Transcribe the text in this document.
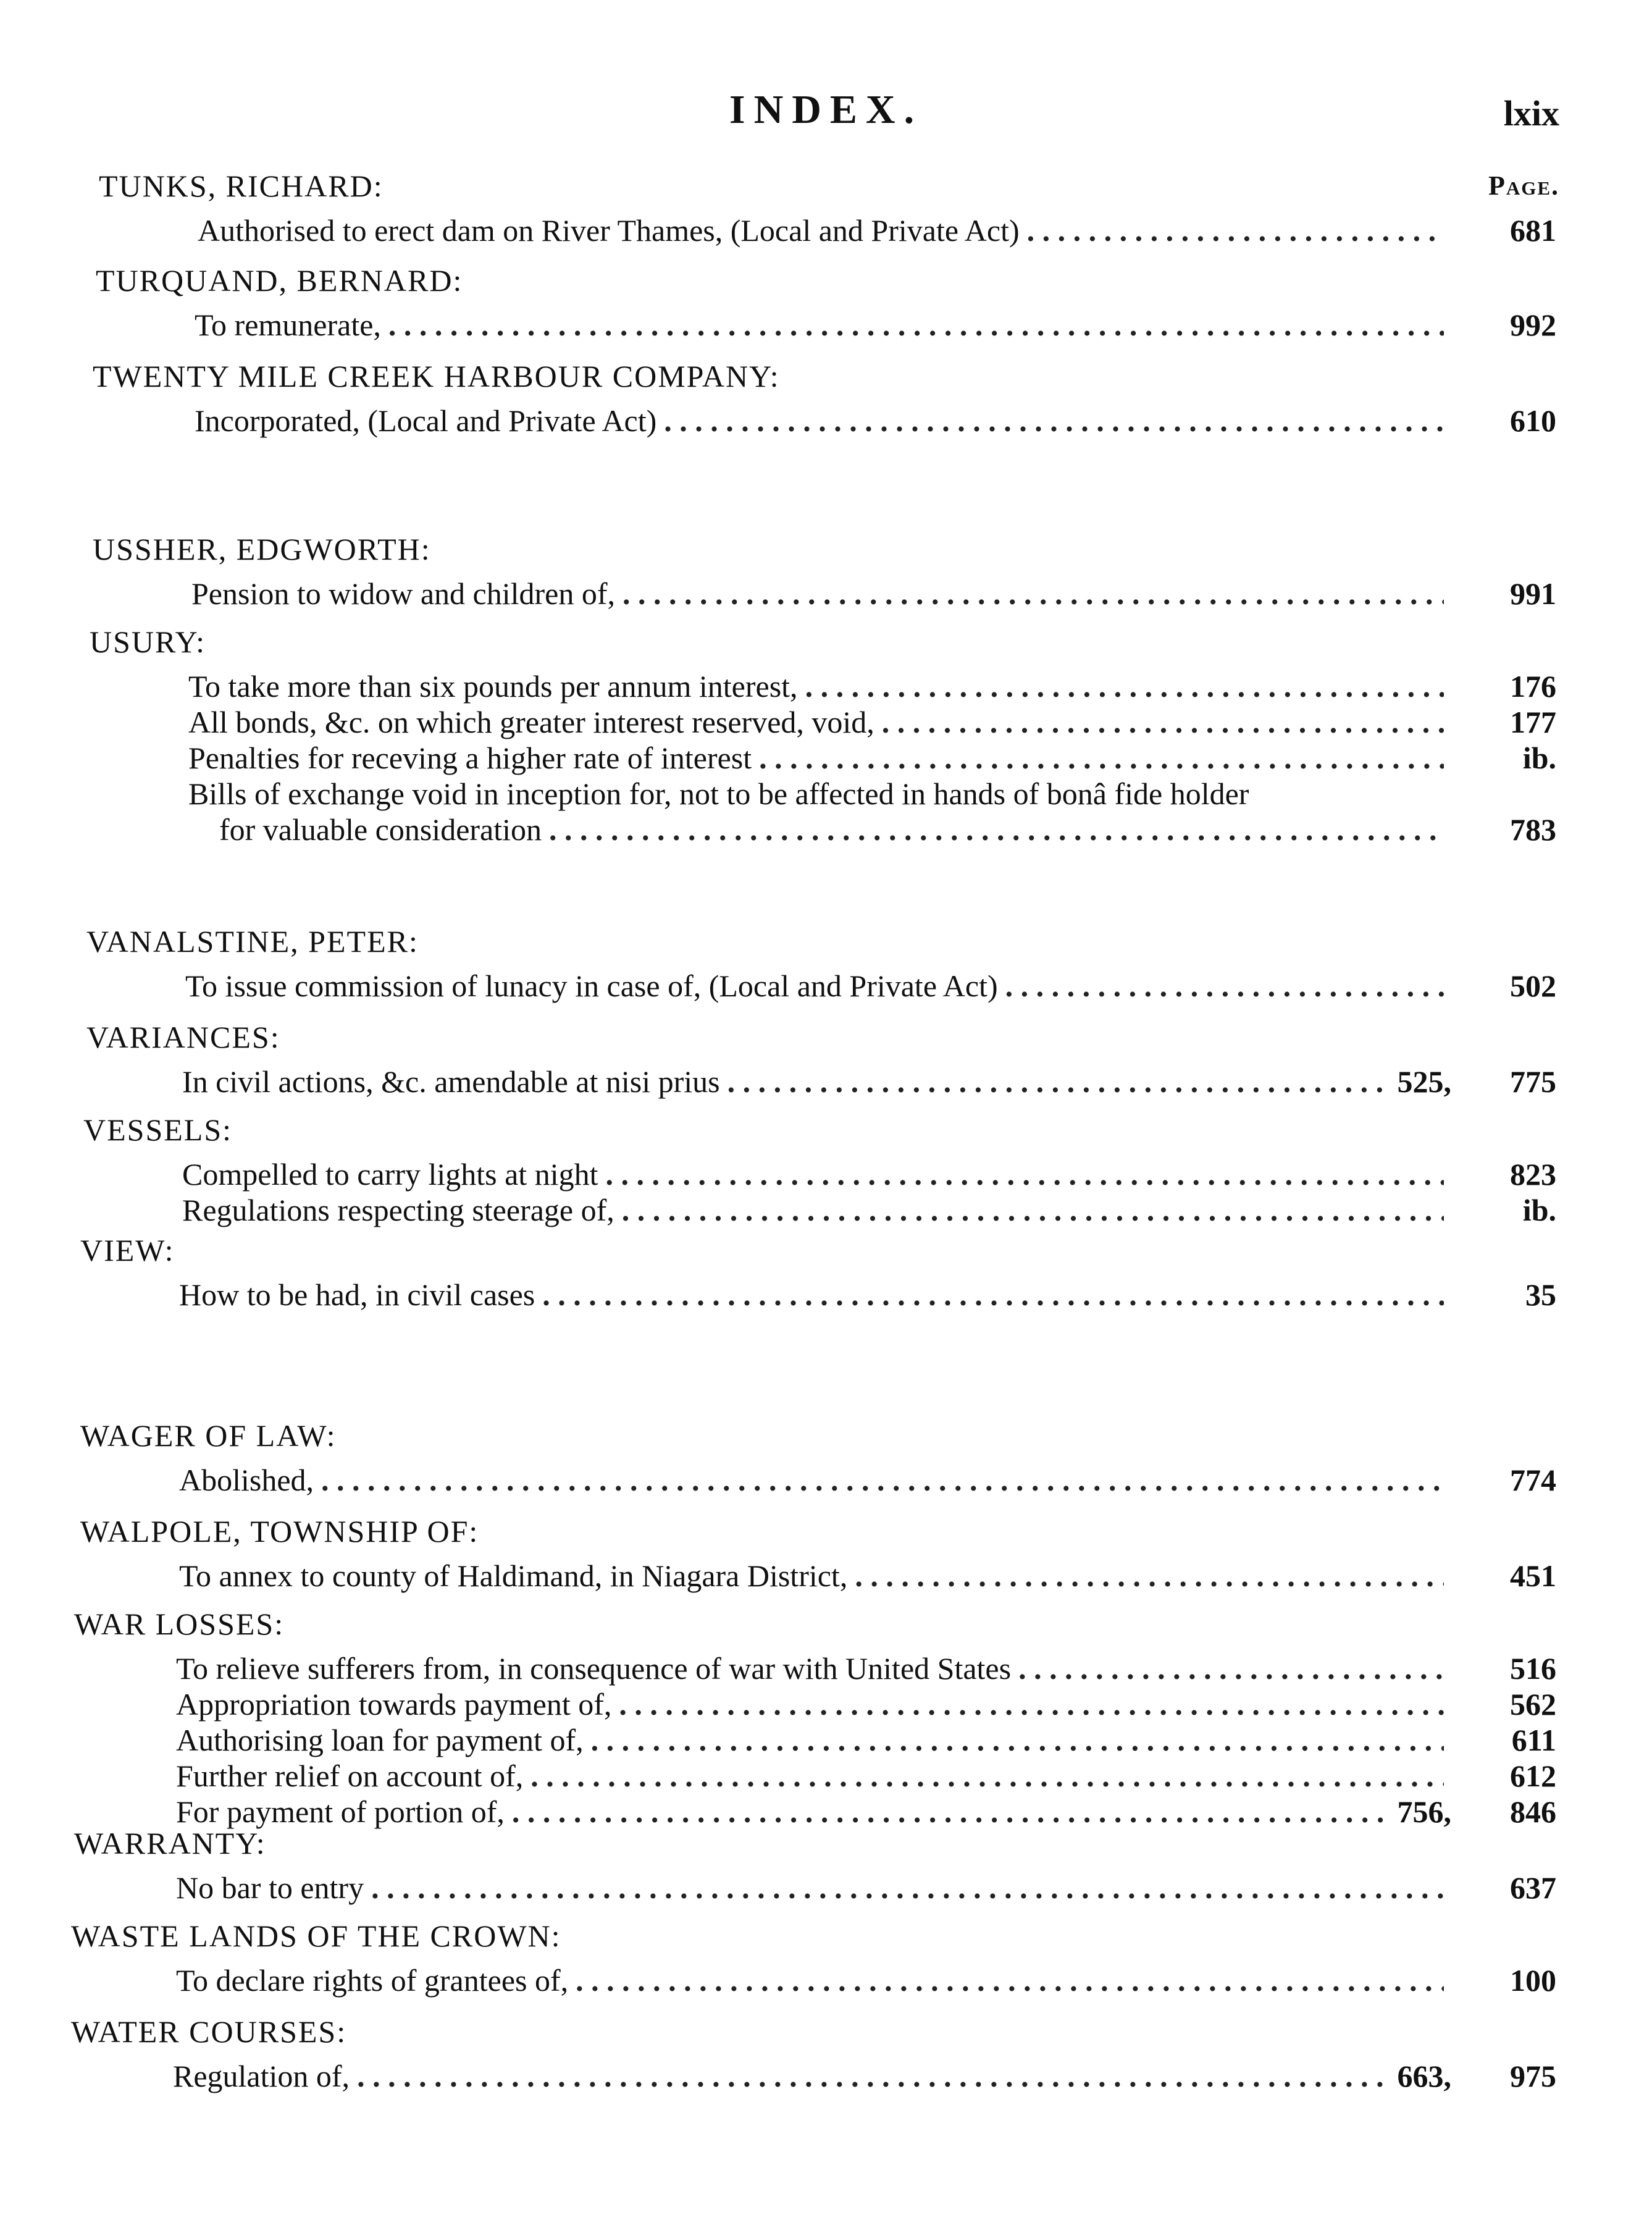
INDEX.	lxix
Page.
TUNKS, RICHARD:
Authorised to erect dam on River Thames, (Local and Private Act) . . .	681
TURQUAND, BERNARD:
To remunerate, . . .	992
TWENTY MILE CREEK HARBOUR COMPANY:
Incorporated, (Local and Private Act) . . .	610
USSHER, EDGWORTH:
Pension to widow and children of, . . .	991
USURY:
To take more than six pounds per annum interest, . . .	176
All bonds, &c. on which greater interest reserved, void, . . .	177
Penalties for receving a higher rate of interest . . .	ib.
Bills of exchange void in inception for, not to be affected in hands of bonâ fide holder
for valuable consideration . . .	783
VANALSTINE, PETER:
To issue commission of lunacy in case of, (Local and Private Act) . . .	502
VARIANCES:
In civil actions, &c. amendable at nisi prius . . .	525,	775
VESSELS:
Compelled to carry lights at night . . .	823
Regulations respecting steerage of, . . .	ib.
VIEW:
How to be had, in civil cases . . .	35
WAGER OF LAW:
Abolished, . . .	774
WALPOLE, TOWNSHIP OF:
To annex to county of Haldimand, in Niagara District, . . .	451
WAR LOSSES:
To relieve sufferers from, in consequence of war with United States . . .	516
Appropriation towards payment of, . . .	562
Authorising loan for payment of, . . .	611
Further relief on account of, . . .	612
For payment of portion of, . . .	756,	846
WARRANTY:
No bar to entry . . .	637
WASTE LANDS OF THE CROWN:
To declare rights of grantees of, . . .	100
WATER COURSES:
Regulation of, . . .	663,	975
